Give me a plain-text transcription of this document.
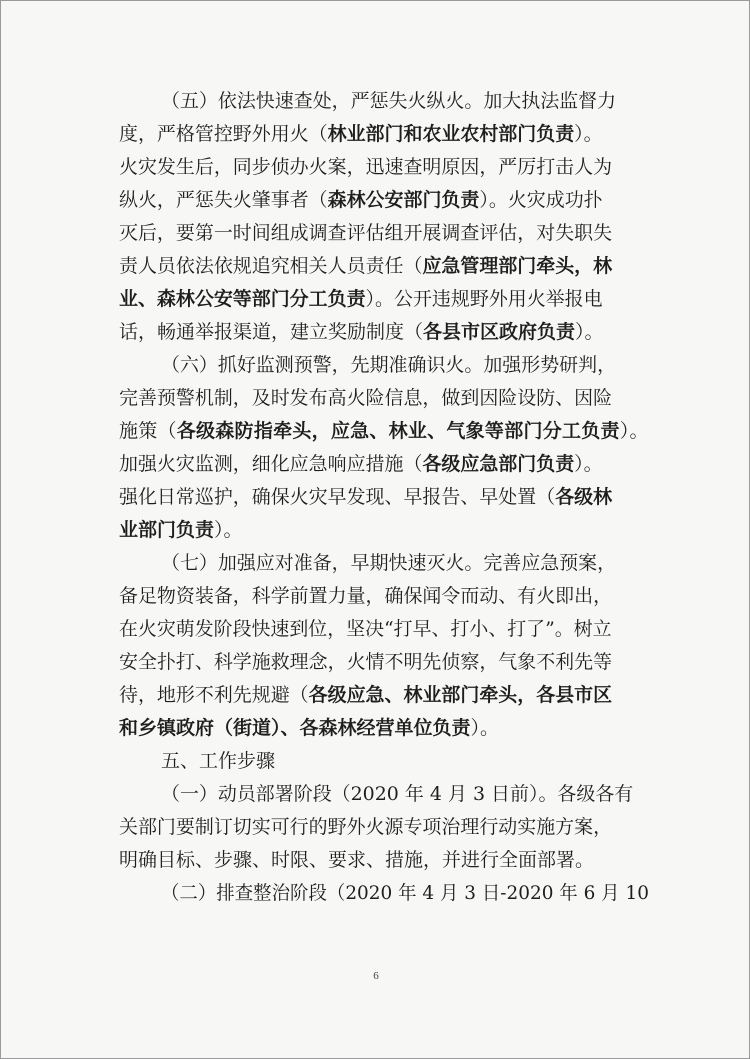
（五）依法快速查处，严惩失火纵火。加大执法监督力
度，严格管控野外用火（林业部门和农业农村部门负责）。
火灾发生后，同步侦办火案，迅速查明原因，严厉打击人为
纵火，严惩失火肇事者（森林公安部门负责）。火灾成功扑
灭后，要第一时间组成调查评估组开展调查评估，对失职失
责人员依法依规追究相关人员责任（应急管理部门牵头，林
业、森林公安等部门分工负责）。公开违规野外用火举报电
话，畅通举报渠道，建立奖励制度（各县市区政府负责）。
（六）抓好监测预警，先期准确识火。加强形势研判，
完善预警机制，及时发布高火险信息，做到因险设防、因险
施策（各级森防指牵头，应急、林业、气象等部门分工负责）。
加强火灾监测，细化应急响应措施（各级应急部门负责）。
强化日常巡护，确保火灾早发现、早报告、早处置（各级林
业部门负责）。
（七）加强应对准备，早期快速灭火。完善应急预案，
备足物资装备，科学前置力量，确保闻令而动、有火即出，
在火灾萌发阶段快速到位，坚决“打早、打小、打了”。树立
安全扑打、科学施救理念，火情不明先侦察，气象不利先等
待，地形不利先规避（各级应急、林业部门牵头，各县市区
和乡镇政府（街道）、各森林经营单位负责）。
五、工作步骤
（一）动员部署阶段（2020 年 4 月 3 日前）。各级各有
关部门要制订切实可行的野外火源专项治理行动实施方案，
明确目标、步骤、时限、要求、措施，并进行全面部署。
（二）排查整治阶段（2020 年 4 月 3 日-2020 年 6 月 10
6
